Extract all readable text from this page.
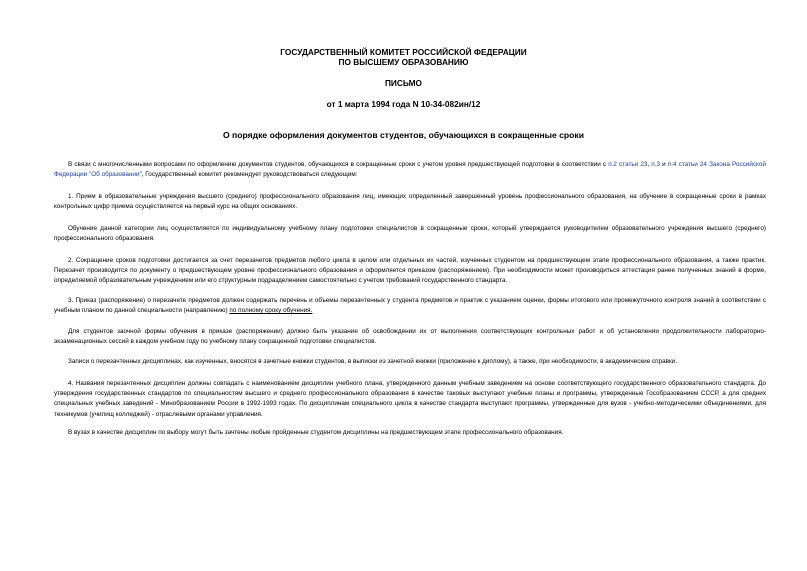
ГОСУДАРСТВЕННЫЙ КОМИТЕТ РОССИЙСКОЙ ФЕДЕРАЦИИ
ПО ВЫСШЕМУ ОБРАЗОВАНИЮ
ПИСЬМО
от 1 марта 1994 года N 10-34-082ин/12
О порядке оформления документов студентов, обучающихся в сокращенные сроки

В связи с многочисленными вопросами по оформлению документов студентов, обучающихся в сокращенные сроки с учетом уровня предшествующей подготовки в соответствии с п.2 статьи 23, п.3 и п.4 статьи 24 Закона Российской Федерации "Об образовании", Государственный комитет рекомендует руководствоваться следующим:

1. Прием в образовательные учреждения высшего (среднего) профессионального образования лиц, имеющих определенный завершенный уровень профессионального образования, на обучение в сокращенные сроки в рамках контрольных цифр приема осуществляется на первый курс на общих основаниях.

Обучение данной категории лиц осуществляется по индивидуальному учебному плану подготовки специалистов в сокращенные сроки, который утверждается руководителем образовательного учреждения высшего (среднего) профессионального образования.

2. Сокращение сроков подготовки достигается за счет перезачетов предметов любого цикла в целом или отдельных их частей, изученных студентом на предшествующем этапе профессионального образования, а также практик. Перезачет производится по документу о предшествующем уровне профессионального образования и оформляется приказом (распоряжением). При необходимости может производиться аттестация ранее полученных знаний в форме, определяемой образовательным учреждением или его структурным подразделением самостоятельно с учетом требований государственного стандарта.

3. Приказ (распоряжение) о перезачете предметов должен содержать перечень и объемы перезачтенных у студента предметов и практик с указанием оценки, формы итогового или промежуточного контроля знаний в соответствии с учебным планом по данной специальности (направлению) по полному сроку обучения.

Для студентов заочной формы обучения в приказе (распоряжении) должно быть указание об освобождении их от выполнения соответствующих контрольных работ и об установлении продолжительности лабораторно-экзаменационных сессий в каждом учебном году по учебному плану сокращенной подготовки специалистов.

Записи о перезачтенных дисциплинах, как изученных, вносятся в зачетные книжки студентов, в выписки из зачетной книжки (приложение к диплому), а также, при необходимости, в академические справки.

4. Названия перезачтенных дисциплин должны совпадать с наименованием дисциплин учебного плана, утвержденного данным учебным заведением на основе соответствующего государственного образовательного стандарта. До утверждения государственных стандартов по специальностям высшего и среднего профессионального образования в качестве таковых выступают учебные планы и программы, утвержденные Гособразованием СССР, а для средних специальных учебных заведений - Минобразованием России в 1992-1993 годах. По дисциплинам специального цикла в качестве стандарта выступают программы, утвержденные для вузов - учебно-методическими объединениями, для техникумов (училищ колледжей) - отраслевыми органами управления.

В вузах в качестве дисциплин по выбору могут быть зачтены любые пройденные студентом дисциплины на предшествующем этапе профессионального образования.
